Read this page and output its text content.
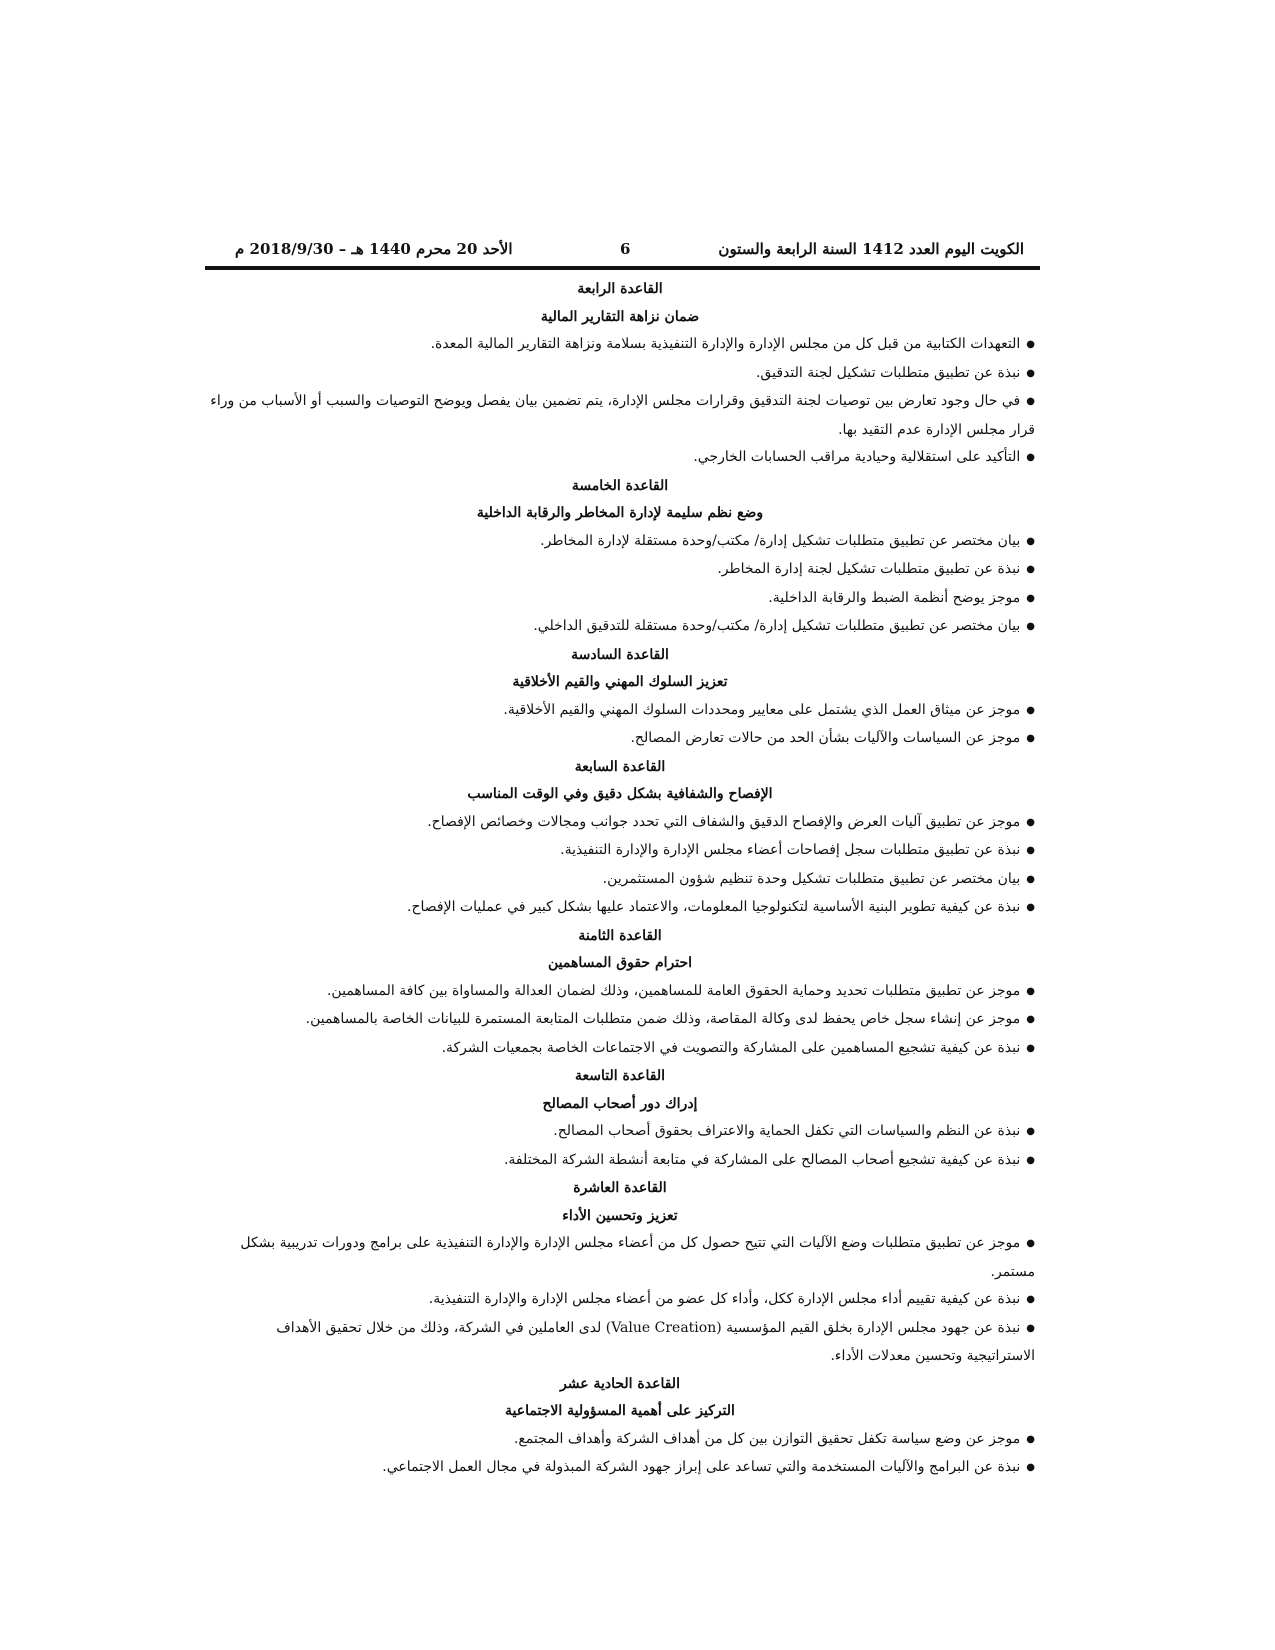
الكويت اليوم العدد 1412 السنة الرابعة والستون
6
الأحد 20 محرم 1440 هـ – 2018/9/30 م
القاعدة الرابعة
ضمان نزاهة التقارير المالية
●التعهدات الكتابية من قبل كل من مجلس الإدارة والإدارة التنفيذية بسلامة ونزاهة التقارير المالية المعدة.
●نبذة عن تطبيق متطلبات تشكيل لجنة التدقيق.
●في حال وجود تعارض بين توصيات لجنة التدقيق وقرارات مجلس الإدارة، يتم تضمين بيان يفصل ويوضح التوصيات والسبب أو الأسباب من وراء قرار مجلس الإدارة عدم التقيد بها.
●التأكيد على استقلالية وحيادية مراقب الحسابات الخارجي.
القاعدة الخامسة
وضع نظم سليمة لإدارة المخاطر والرقابة الداخلية
●بيان مختصر عن تطبيق متطلبات تشكيل إدارة/ مكتب/وحدة مستقلة لإدارة المخاطر.
●نبذة عن تطبيق متطلبات تشكيل لجنة إدارة المخاطر.
●موجز يوضح أنظمة الضبط والرقابة الداخلية.
●بيان مختصر عن تطبيق متطلبات تشكيل إدارة/ مكتب/وحدة مستقلة للتدقيق الداخلي.
القاعدة السادسة
تعزيز السلوك المهني والقيم الأخلاقية
●موجز عن ميثاق العمل الذي يشتمل على معايير ومحددات السلوك المهني والقيم الأخلاقية.
●موجز عن السياسات والآليات بشأن الحد من حالات تعارض المصالح.
القاعدة السابعة
الإفصاح والشفافية بشكل دقيق وفي الوقت المناسب
●موجز عن تطبيق آليات العرض والإفصاح الدقيق والشفاف التي تحدد جوانب ومجالات وخصائص الإفصاح.
●نبذة عن تطبيق متطلبات سجل إفصاحات أعضاء مجلس الإدارة والإدارة التنفيذية.
●بيان مختصر عن تطبيق متطلبات تشكيل وحدة تنظيم شؤون المستثمرين.
●نبذة عن كيفية تطوير البنية الأساسية لتكنولوجيا المعلومات، والاعتماد عليها بشكل كبير في عمليات الإفصاح.
القاعدة الثامنة
احترام حقوق المساهمين
●موجز عن تطبيق متطلبات تحديد وحماية الحقوق العامة للمساهمين، وذلك لضمان العدالة والمساواة بين كافة المساهمين.
●موجز عن إنشاء سجل خاص يحفظ لدى وكالة المقاصة، وذلك ضمن متطلبات المتابعة المستمرة للبيانات الخاصة بالمساهمين.
●نبذة عن كيفية تشجيع المساهمين على المشاركة والتصويت في الاجتماعات الخاصة بجمعيات الشركة.
القاعدة التاسعة
إدراك دور أصحاب المصالح
●نبذة عن النظم والسياسات التي تكفل الحماية والاعتراف بحقوق أصحاب المصالح.
●نبذة عن كيفية تشجيع أصحاب المصالح على المشاركة في متابعة أنشطة الشركة المختلفة.
القاعدة العاشرة
تعزيز وتحسين الأداء
●موجز عن تطبيق متطلبات وضع الآليات التي تتيح حصول كل من أعضاء مجلس الإدارة والإدارة التنفيذية على برامج ودورات تدريبية بشكل مستمر.
●نبذة عن كيفية تقييم أداء مجلس الإدارة ككل، وأداء كل عضو من أعضاء مجلس الإدارة والإدارة التنفيذية.
●نبذة عن جهود مجلس الإدارة بخلق القيم المؤسسية (Value Creation) لدى العاملين في الشركة، وذلك من خلال تحقيق الأهداف الاستراتيجية وتحسين معدلات الأداء.
القاعدة الحادية عشر
التركيز على أهمية المسؤولية الاجتماعية
●موجز عن وضع سياسة تكفل تحقيق التوازن بين كل من أهداف الشركة وأهداف المجتمع.
●نبذة عن البرامج والآليات المستخدمة والتي تساعد على إبراز جهود الشركة المبذولة في مجال العمل الاجتماعي.
